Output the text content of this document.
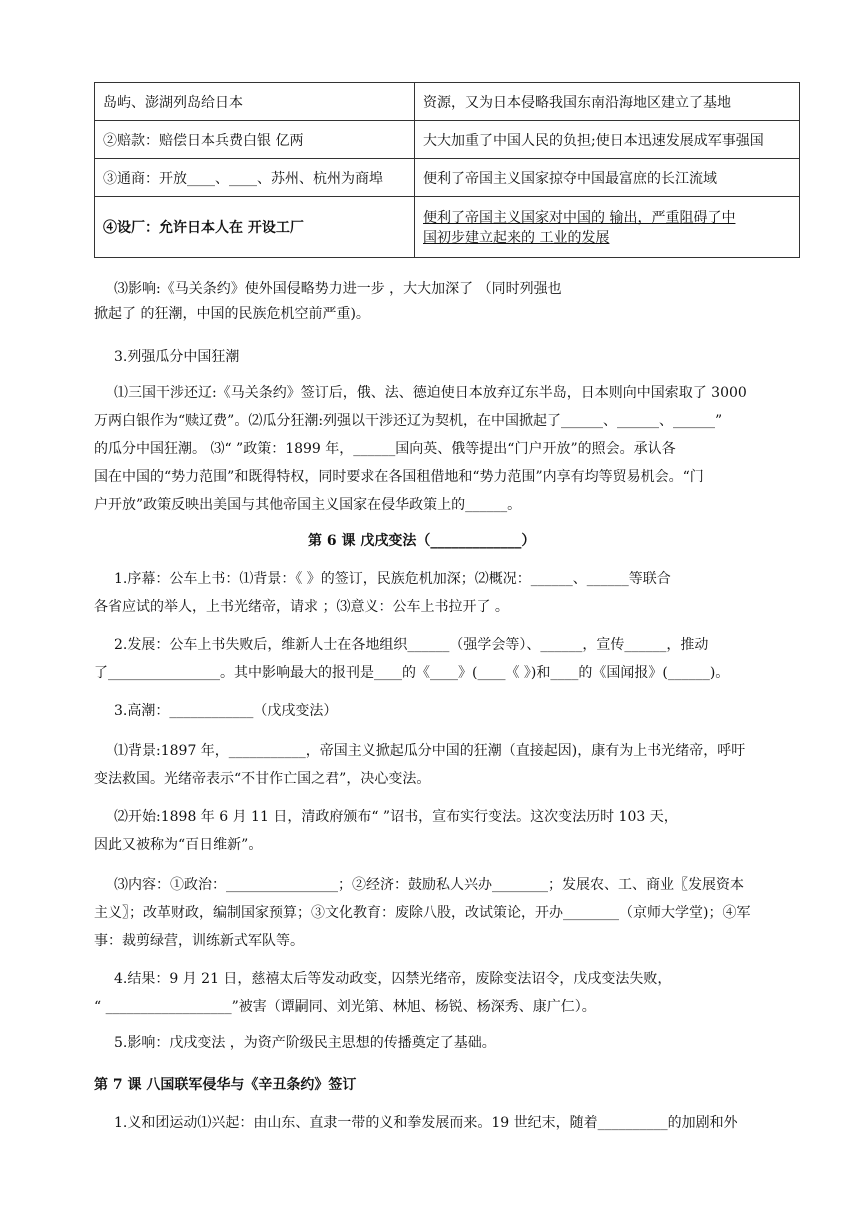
岛屿、澎湖列岛给日本	资源，又为日本侵略我国东南沿海地区建立了基地
②赔款：赔偿日本兵费白银 亿两	大大加重了中国人民的负担;使日本迅速发展成军事强国
③通商：开放____、____、苏州、杭州为商埠	便利了帝国主义国家掠夺中国最富庶的长江流域
④设厂：允许日本人在 开设工厂	便利了帝国主义国家对中国的 输出，严重阻碍了中
国初步建立起来的 工业的发展

⑶影响:《马关条约》使外国侵略势力进一步 ，大大加深了 （同时列强也

掀起了 的狂潮，中国的民族危机空前严重)。

3.列强瓜分中国狂潮

⑴三国干涉还辽:《马关条约》签订后，俄、法、德迫使日本放弃辽东半岛，日本则向中国索取了 3000

万两白银作为“赎辽费”。⑵瓜分狂潮:列强以干涉还辽为契机，在中国掀起了______、______、______”

的瓜分中国狂潮。 ⑶“ ”政策：1899 年，______国向英、俄等提出“门户开放”的照会。承认各

国在中国的“势力范围”和既得特权，同时要求在各国租借地和“势力范围”内享有均等贸易机会。“门

户开放”政策反映出美国与其他帝国主义国家在侵华政策上的______。

第 6 课 戊戌变法（_____________）

1.序幕：公车上书：⑴背景：《 》的签订，民族危机加深；⑵概况：______、______等联合

各省应试的举人，上书光绪帝，请求 ；⑶意义：公车上书拉开了 。

2.发展：公车上书失败后，维新人士在各地组织______（强学会等）、______，宣传______，推动

了________________。其中影响最大的报刊是____的《____》(____《 》)和____的《国闻报》(______)。

3.高潮：____________（戊戌变法）

⑴背景:1897 年，___________，帝国主义掀起瓜分中国的狂潮（直接起因)，康有为上书光绪帝，呼吁

变法救国。光绪帝表示“不甘作亡国之君”，决心变法。

⑵开始:1898 年 6 月 11 日，清政府颁布“ ”诏书，宣布实行变法。这次变法历时 103 天，

因此又被称为“百日维新”。

⑶内容：①政治：________________；②经济：鼓励私人兴办________；发展农、工、商业〖发展资本

主义〗；改革财政，编制国家预算；③文化教育：废除八股，改试策论，开办________（京师大学堂)；④军

事：裁剪绿营，训练新式军队等。

4.结果：9 月 21 日，慈禧太后等发动政变，囚禁光绪帝，废除变法诏令，戊戌变法失败，

“ __________________”被害（谭嗣同、刘光第、林旭、杨锐、杨深秀、康广仁）。

5.影响：戊戌变法 ，为资产阶级民主思想的传播奠定了基础。

第 7 课 八国联军侵华与《辛丑条约》签订

1.义和团运动⑴兴起：由山东、直隶一带的义和拳发展而来。19 世纪末，随着__________的加剧和外
